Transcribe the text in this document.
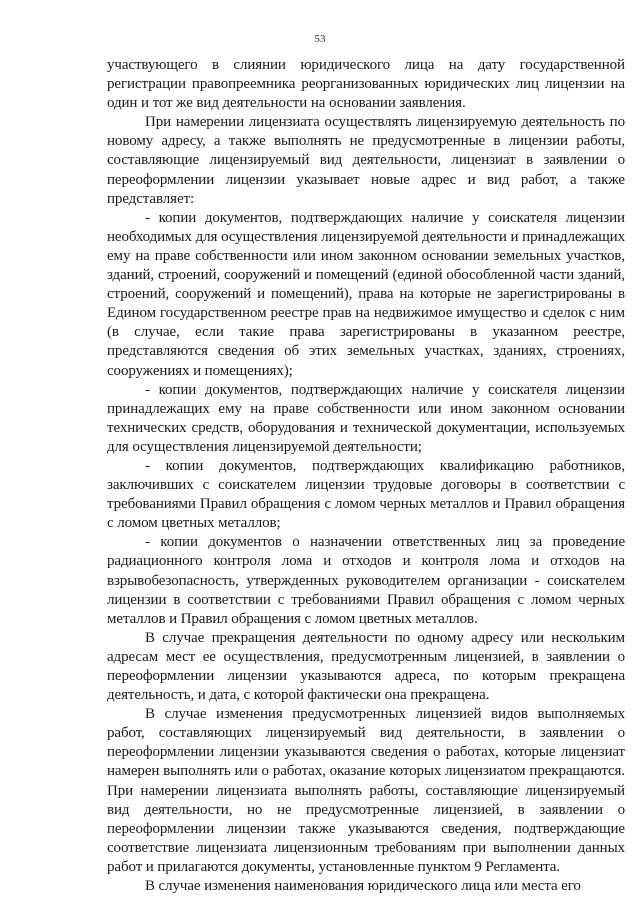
53

участвующего в слиянии юридического лица на дату государственной регистрации правопреемника реорганизованных юридических лиц лицензии на один и тот же вид деятельности на основании заявления.

При намерении лицензиата осуществлять лицензируемую деятельность по новому адресу, а также выполнять не предусмотренные в лицензии работы, составляющие лицензируемый вид деятельности, лицензиат в заявлении о переоформлении лицензии указывает новые адрес и вид работ, а также представляет:

- копии документов, подтверждающих наличие у соискателя лицензии необходимых для осуществления лицензируемой деятельности и принадлежащих ему на праве собственности или ином законном основании земельных участков, зданий, строений, сооружений и помещений (единой обособленной части зданий, строений, сооружений и помещений), права на которые не зарегистрированы в Едином государственном реестре прав на недвижимое имущество и сделок с ним (в случае, если такие права зарегистрированы в указанном реестре, представляются сведения об этих земельных участках, зданиях, строениях, сооружениях и помещениях);

- копии документов, подтверждающих наличие у соискателя лицензии принадлежащих ему на праве собственности или ином законном основании технических средств, оборудования и технической документации, используемых для осуществления лицензируемой деятельности;

- копии документов, подтверждающих квалификацию работников, заключивших с соискателем лицензии трудовые договоры в соответствии с требованиями Правил обращения с ломом черных металлов и Правил обращения с ломом цветных металлов;

- копии документов о назначении ответственных лиц за проведение радиационного контроля лома и отходов и контроля лома и отходов на взрывобезопасность, утвержденных руководителем организации - соискателем лицензии в соответствии с требованиями Правил обращения с ломом черных металлов и Правил обращения с ломом цветных металлов.

В случае прекращения деятельности по одному адресу или нескольким адресам мест ее осуществления, предусмотренным лицензией, в заявлении о переоформлении лицензии указываются адреса, по которым прекращена деятельность, и дата, с которой фактически она прекращена.

В случае изменения предусмотренных лицензией видов выполняемых работ, составляющих лицензируемый вид деятельности, в заявлении о переоформлении лицензии указываются сведения о работах, которые лицензиат намерен выполнять или о работах, оказание которых лицензиатом прекращаются. При намерении лицензиата выполнять работы, составляющие лицензируемый вид деятельности, но не предусмотренные лицензией, в заявлении о переоформлении лицензии также указываются сведения, подтверждающие соответствие лицензиата лицензионным требованиям при выполнении данных работ и прилагаются документы, установленные пунктом 9 Регламента.

В случае изменения наименования юридического лица или места его
